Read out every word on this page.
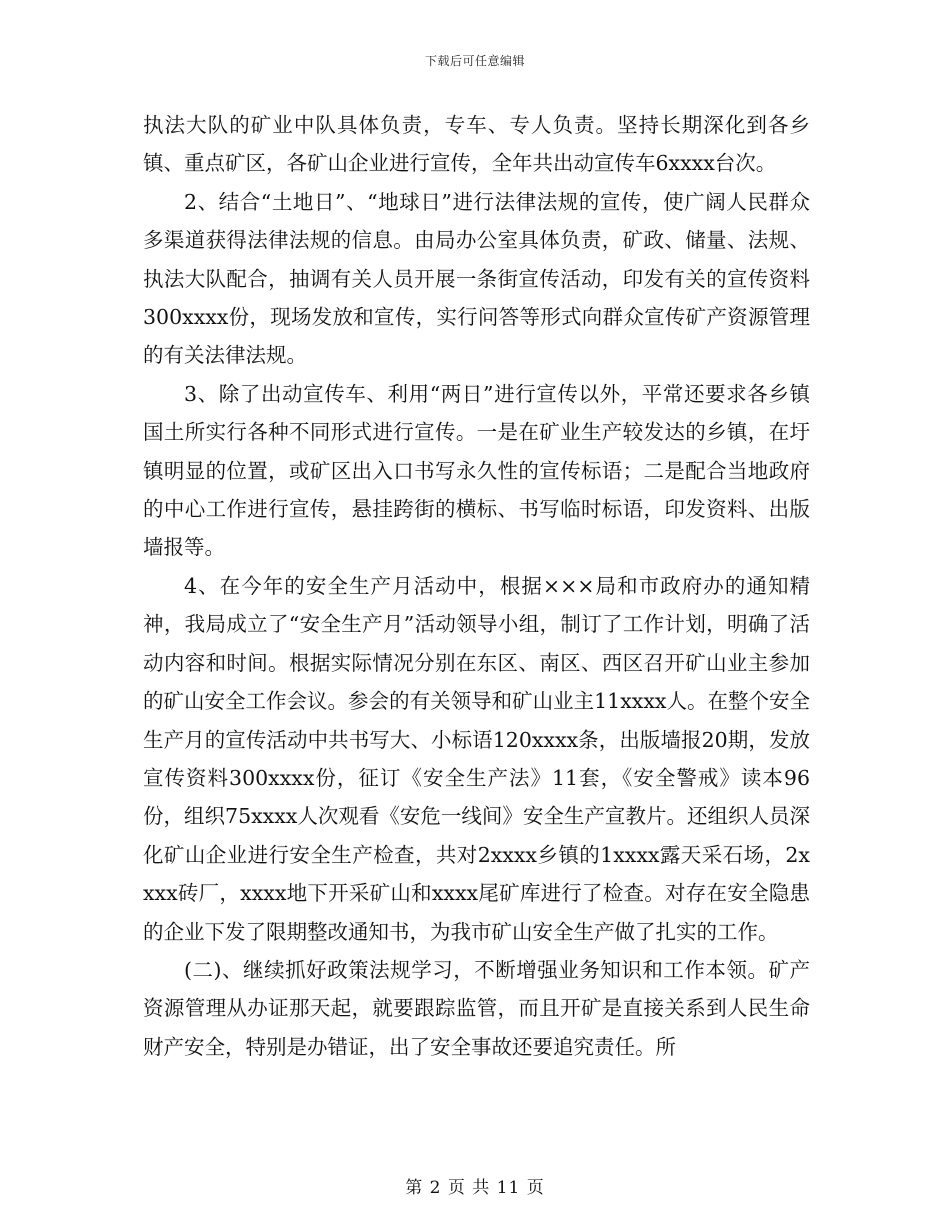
下载后可任意编辑

执法大队的矿业中队具体负责，专车、专人负责。坚持长期深化到各乡镇、重点矿区，各矿山企业进行宣传，全年共出动宣传车6xxxx台次。

2、结合“土地日”、“地球日”进行法律法规的宣传，使广阔人民群众多渠道获得法律法规的信息。由局办公室具体负责，矿政、储量、法规、执法大队配合，抽调有关人员开展一条街宣传活动，印发有关的宣传资料300xxxx份，现场发放和宣传，实行问答等形式向群众宣传矿产资源管理的有关法律法规。

3、除了出动宣传车、利用“两日”进行宣传以外，平常还要求各乡镇国土所实行各种不同形式进行宣传。一是在矿业生产较发达的乡镇，在圩镇明显的位置，或矿区出入口书写永久性的宣传标语；二是配合当地政府的中心工作进行宣传，悬挂跨街的横标、书写临时标语，印发资料、出版墙报等。

4、在今年的安全生产月活动中，根据×××局和市政府办的通知精神，我局成立了“安全生产月”活动领导小组，制订了工作计划，明确了活动内容和时间。根据实际情况分别在东区、南区、西区召开矿山业主参加的矿山安全工作会议。参会的有关领导和矿山业主11xxxx人。在整个安全生产月的宣传活动中共书写大、小标语120xxxx条，出版墙报20期，发放宣传资料300xxxx份，征订《安全生产法》11套，《安全警戒》读本96份，组织75xxxx人次观看《安危一线间》安全生产宣教片。还组织人员深化矿山企业进行安全生产检查，共对2xxxx乡镇的1xxxx露天采石场，2xxxx砖厂，xxxx地下开采矿山和xxxx尾矿库进行了检查。对存在安全隐患的企业下发了限期整改通知书，为我市矿山安全生产做了扎实的工作。

(二)、继续抓好政策法规学习，不断增强业务知识和工作本领。矿产资源管理从办证那天起，就要跟踪监管，而且开矿是直接关系到人民生命财产安全，特别是办错证，出了安全事故还要追究责任。所

第 2 页 共 11 页
